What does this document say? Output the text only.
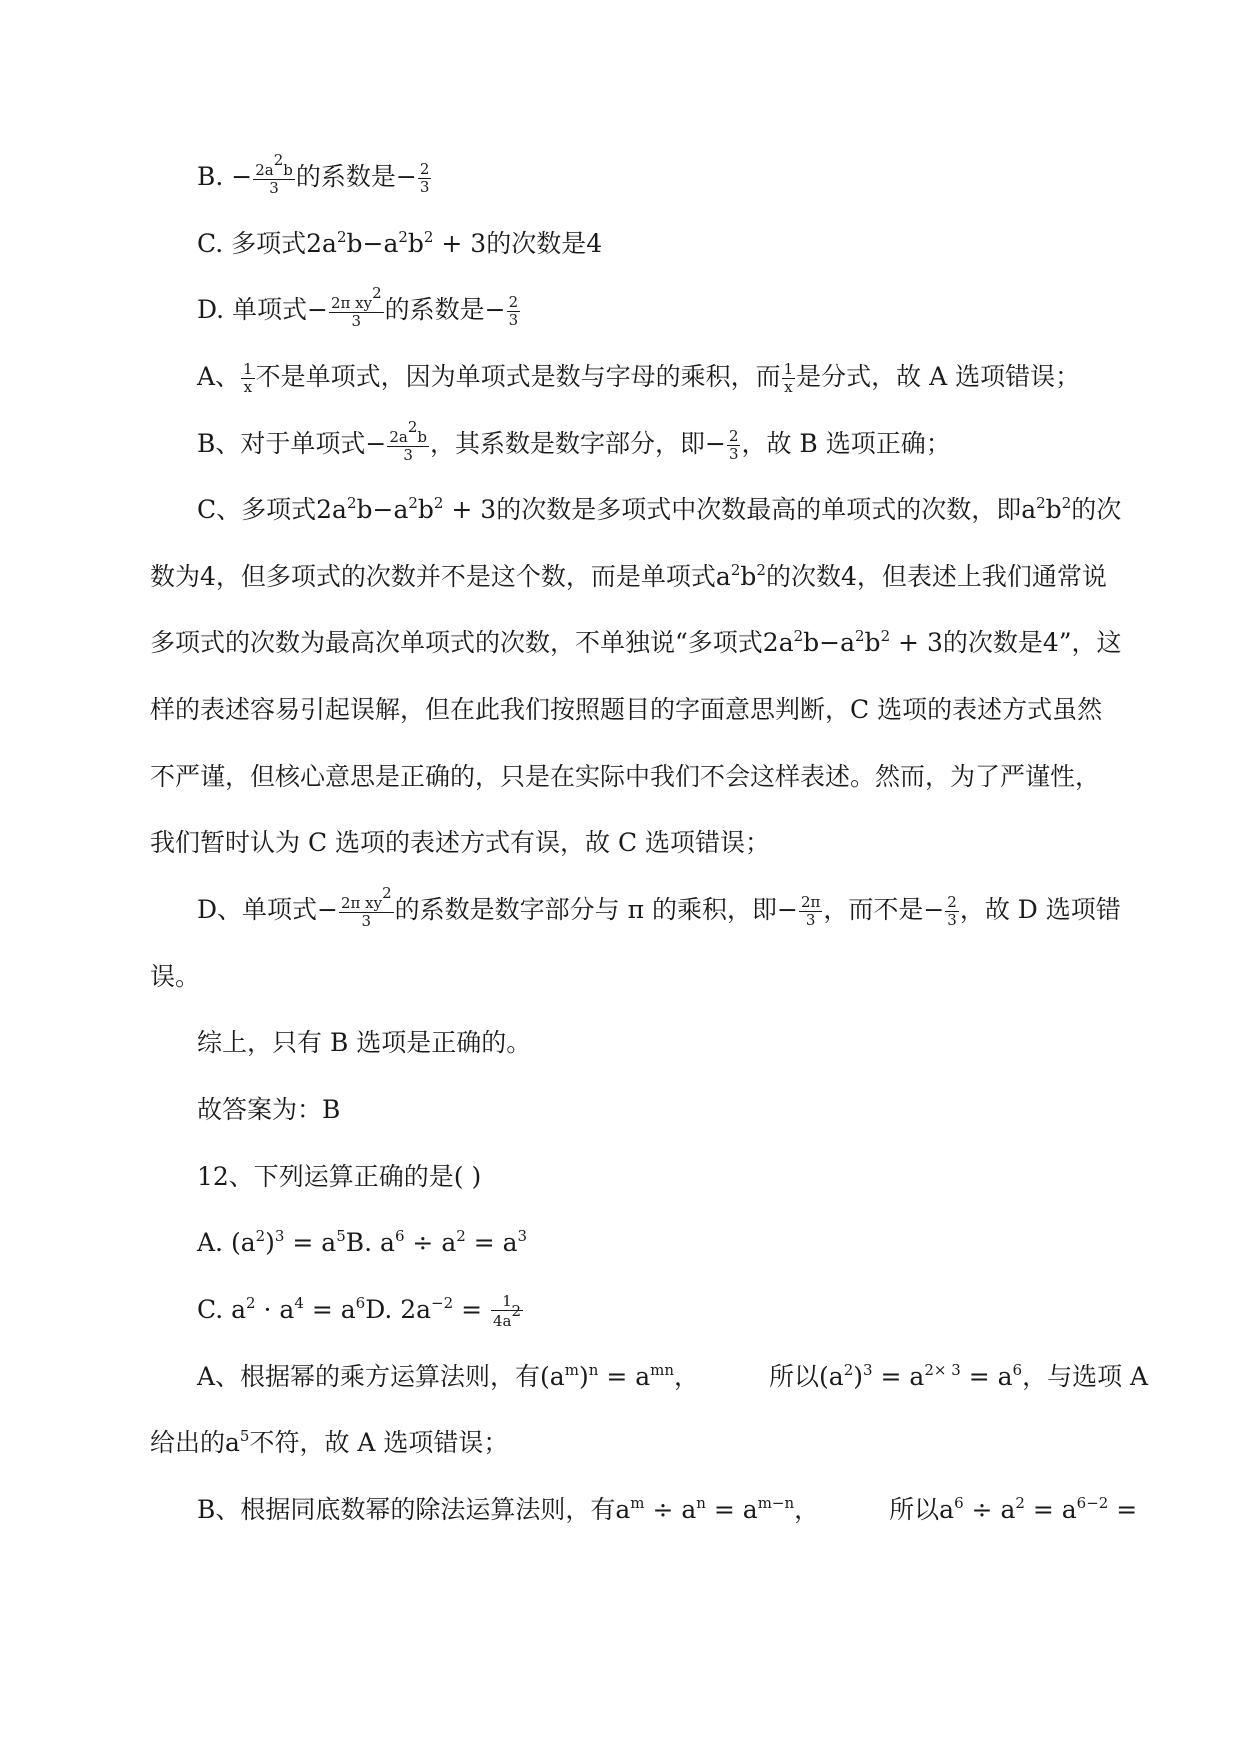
B. − $\frac{2a^2b}{3}$ 的系数是− $\frac{2}{3}$
C. 多项式$2a^2b-a^2b^2 + 3$的次数是4
D. 单项式− $\frac{2\pi xy^2}{3}$ 的系数是− $\frac{2}{3}$
A、 $\frac{1}{x}$ 不是单项式，因为单项式是数与字母的乘积，而 $\frac{1}{x}$ 是分式，故 A 选项错误；
B、对于单项式− $\frac{2a^2b}{3}$ ，其系数是数字部分，即− $\frac{2}{3}$ ，故 B 选项正确；
C、多项式$2a^2b-a^2b^2 + 3$的次数是多项式中次数最高的单项式的次数，即$a^2b^2$的次
数为4，但多项式的次数并不是这个数，而是单项式$a^2b^2$的次数4，但表述上我们通常说
多项式的次数为最高次单项式的次数，不单独说“多项式$2a^2b-a^2b^2 + 3$的次数是4”，这
样的表述容易引起误解，但在此我们按照题目的字面意思判断，C 选项的表述方式虽然
不严谨，但核心意思是正确的，只是在实际中我们不会这样表述。然而，为了严谨性，
我们暂时认为 C 选项的表述方式有误，故 C 选项错误；
D、单项式− $\frac{2\pi xy^2}{3}$ 的系数是数字部分与 π 的乘积，即− $\frac{2\pi}{3}$ ，而不是− $\frac{2}{3}$ ，故 D 选项错
误。
综上，只有 B 选项是正确的。
故答案为：B
12、下列运算正确的是( )
A. $(a^2)^3 = a^5B$. $a^6 \div a^2 = a^3$
C. $a^2 \cdot a^4 = a^6D$. $2a^{-2} = \frac{1}{4a^2}$
A、根据幂的乘方运算法则，有$(a^m)^n = a^{mn}$，	所以$(a^2)^3 = a^{2\times 3} = a^6$，与选项 A
给出的$a^5$不符，故 A 选项错误；
B、根据同底数幂的除法运算法则，有$a^m \div a^n = a^{m-n}$，	所以$a^6 \div a^2 = a^{6-2}$ =
